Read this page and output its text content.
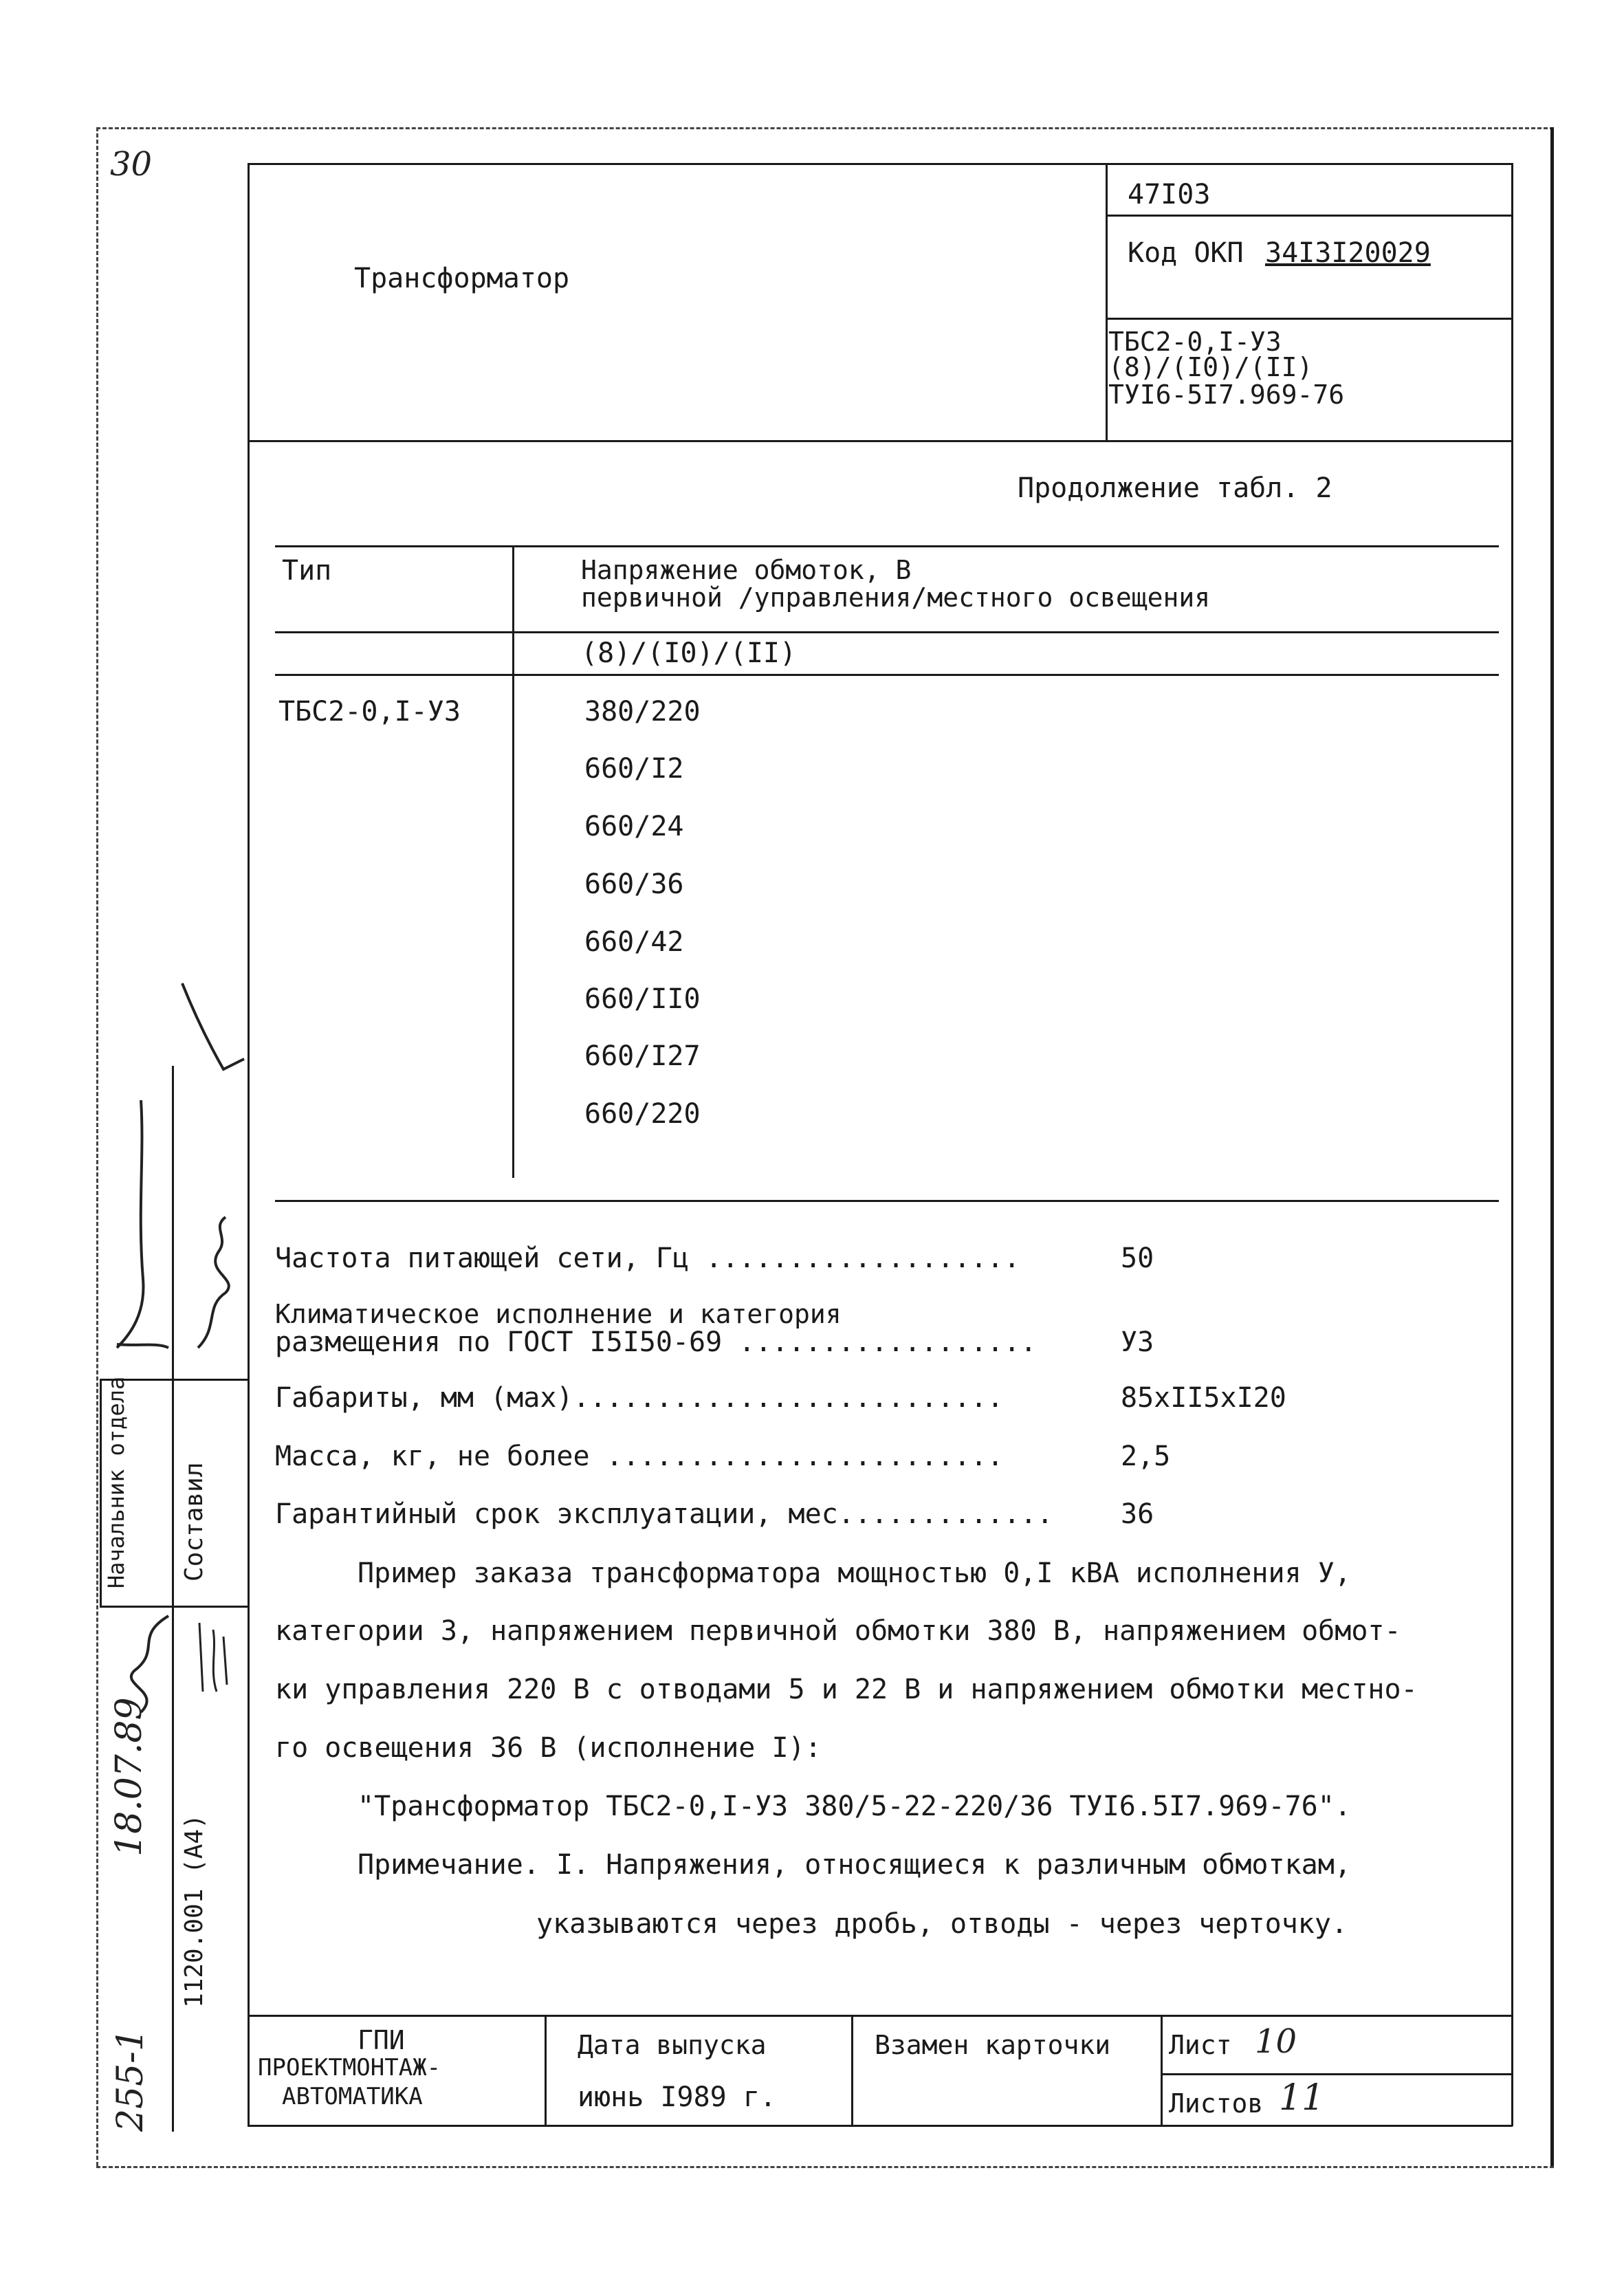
30
Трансформатор
47I03
Код ОКП 34I3I20029
ТБС2-0,I-УЗ
(8)/(I0)/(II)
ТУI6-5I7.969-76
Продолжение табл. 2
Тип	Напряжение обмоток, В
первичной /управления/местного освещения
(8)/(I0)/(II)
ТБС2-0,I-УЗ	380/220
660/I2
660/24
660/36
660/42
660/II0
660/I27
660/220
Частота питающей сети, Гц ...................	50
Климатическое исполнение и категория
размещения по ГОСТ I5I50-69 ..................	УЗ
Габариты, мм (мах)..........................	85хII5хI20
Масса, кг, не более ........................	2,5
Гарантийный срок эксплуатации, мес............. 36
Пример заказа трансформатора мощностью 0,I кВА исполнения У,
категории 3, напряжением первичной обмотки 380 В, напряжением обмот-
ки управления 220 В с отводами 5 и 22 В и напряжением обмотки местно-
го освещения 36 В (исполнение I):
"Трансформатор ТБС2-0,I-УЗ 380/5-22-220/36 ТУI6.5I7.969-76".
Примечание. I. Напряжения, относящиеся к различным обмоткам,
указываются через дробь, отводы - через черточку.
ГПИ
ПРОЕКТМОНТАЖ-
АВТОМАТИКА
Дата выпуска
июнь I989 г.
Взамен карточки Лист 10
Листов 11
Начальник отдела Составил
18.07.89
1120.001 (A4)
255-1
